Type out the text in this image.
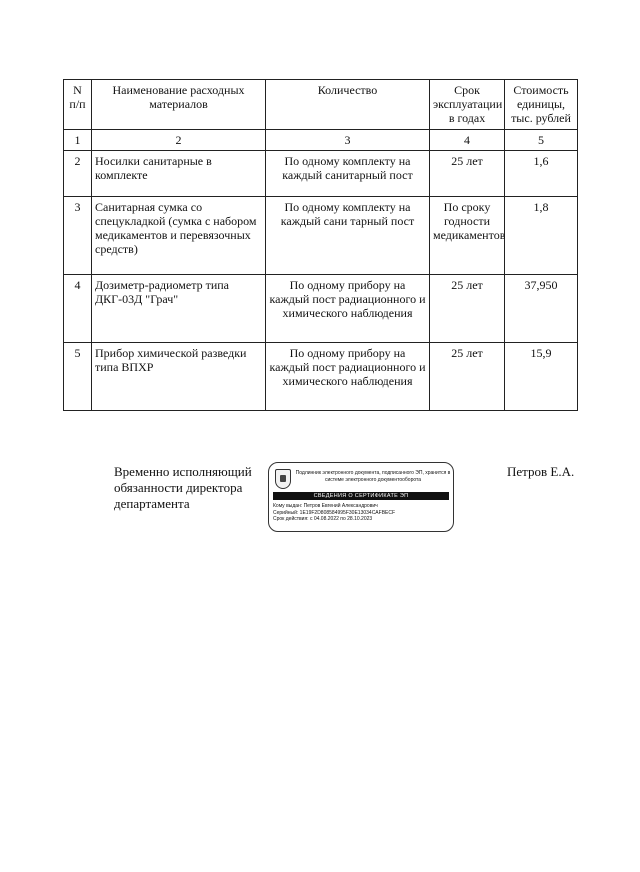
N п/п	Наименование расходных материалов	Количество	Срок эксплуатации в годах	Стоимость единицы, тыс. рублей
1	2	3	4	5
2	Носилки санитарные в комплекте	По одному комплекту на каждый санитарный пост	25 лет	1,6
3	Санитарная сумка со спецукладкой (сумка с набором медикаментов и перевязочных средств)	По одному комплекту на каждый сани тарный пост	По сроку годности медикаментов	1,8
4	Дозиметр-радиометр типа ДКГ-03Д "Грач"	По одному прибору на каждый пост радиационного и химического наблюдения	25 лет	37,950
5	Прибор химической разведки типа ВПХР	По одному прибору на каждый пост радиационного и химического наблюдения	25 лет	15,9
Временно исполняющий обязанности директора департамента
Подлинник электронного документа, подписанного ЭП, хранится в системе электронного документооборота
СВЕДЕНИЯ О СЕРТИФИКАТЕ ЭП
Кому выдан: Петров Евгений Александрович
Серийный: 1E19F2D808584995F30E13034CAFBECF
Срок действия: с 04.08.2022 по 28.10.2023
Петров Е.А.
